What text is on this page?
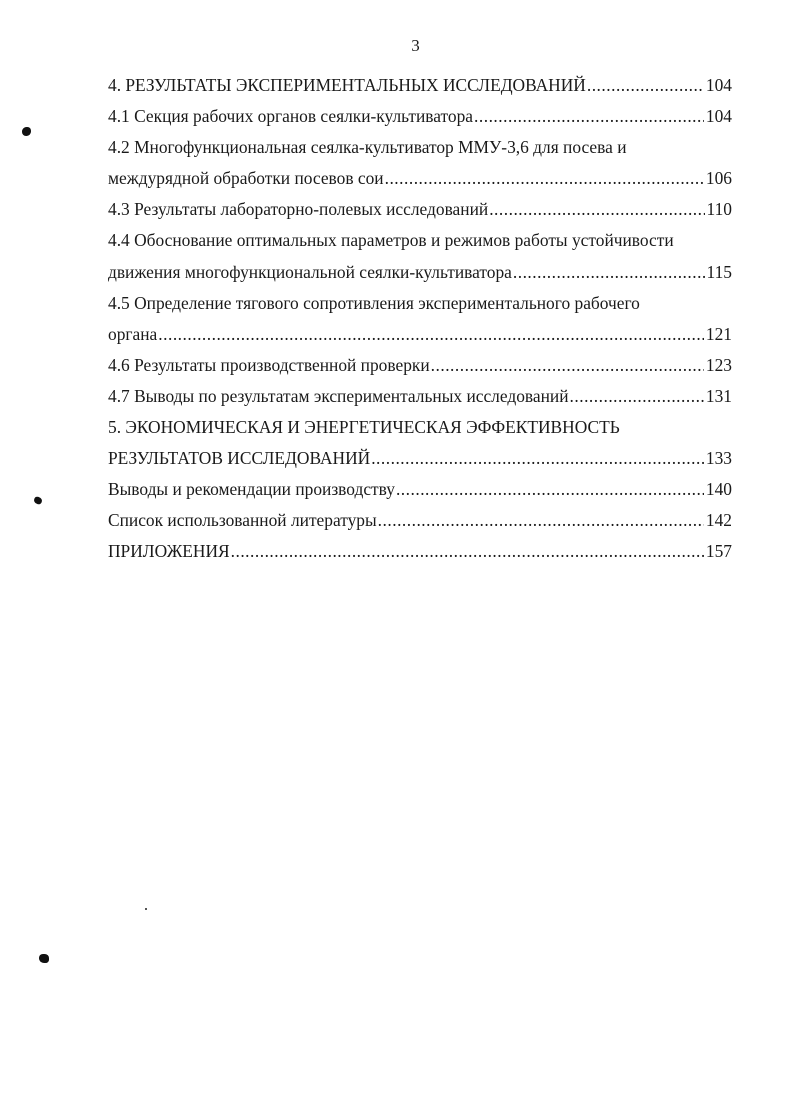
3
4. РЕЗУЛЬТАТЫ ЭКСПЕРИМЕНТАЛЬНЫХ ИССЛЕДОВАНИЙ .....	104
4.1 Секция рабочих органов сеялки-культиватора .....	104
4.2 Многофункциональная сеялка-культиватор ММУ-3,6 для посева и
междурядной обработки посевов сои .....	106
4.3 Результаты лабораторно-полевых исследований .....	110
4.4 Обоснование оптимальных параметров и режимов работы устойчивости
движения многофункциональной сеялки-культиватора .....	115
4.5 Определение тягового сопротивления экспериментального рабочего
органа .....	121
4.6 Результаты производственной проверки .....	123
4.7 Выводы по результатам экспериментальных исследований .....	131
5. ЭКОНОМИЧЕСКАЯ И ЭНЕРГЕТИЧЕСКАЯ ЭФФЕКТИВНОСТЬ
РЕЗУЛЬТАТОВ ИССЛЕДОВАНИЙ .....	133
Выводы и рекомендации производству .....	140
Список использованной литературы .....	142
ПРИЛОЖЕНИЯ .....	157
